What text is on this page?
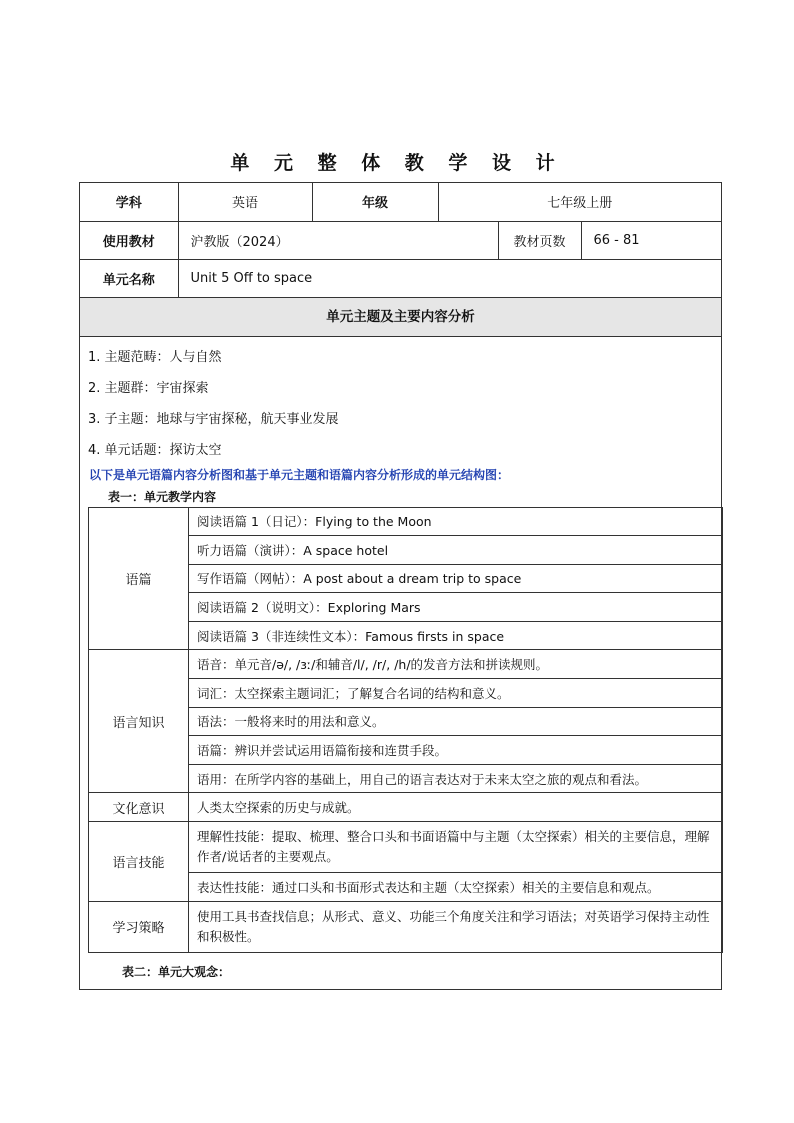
单 元 整 体 教 学 设 计
学科	英语	年级	七年级上册		
使用教材	沪教版（2024）			教材页数	66 - 81
单元名称	Unit 5 Off to space				
单元主题及主要内容分析
1. 主题范畴：人与自然
2. 主题群：宇宙探索
3. 子主题：地球与宇宙探秘，航天事业发展
4. 单元话题：探访太空
以下是单元语篇内容分析图和基于单元主题和语篇内容分析形成的单元结构图：
表一：单元教学内容
语篇	阅读语篇 1（日记）：Flying to the Moon
	听力语篇（演讲）：A space hotel
	写作语篇（网帖）：A post about a dream trip to space
	阅读语篇 2（说明文）：Exploring Mars
	阅读语篇 3（非连续性文本）：Famous firsts in space
语言知识	语音：单元音/ə/, /ɜː/和辅音/l/, /r/, /h/的发音方法和拼读规则。
	词汇：太空探索主题词汇；了解复合名词的结构和意义。
	语法：一般将来时的用法和意义。
	语篇：辨识并尝试运用语篇衔接和连贯手段。
	语用：在所学内容的基础上，用自己的语言表达对于未来太空之旅的观点和看法。
文化意识	人类太空探索的历史与成就。
语言技能	理解性技能：提取、梳理、整合口头和书面语篇中与主题（太空探索）相关的主要信息，理解作者/说话者的主要观点。
	表达性技能：通过口头和书面形式表达和主题（太空探索）相关的主要信息和观点。
学习策略	使用工具书查找信息；从形式、意义、功能三个角度关注和学习语法；对英语学习保持主动性和积极性。
表二：单元大观念：
